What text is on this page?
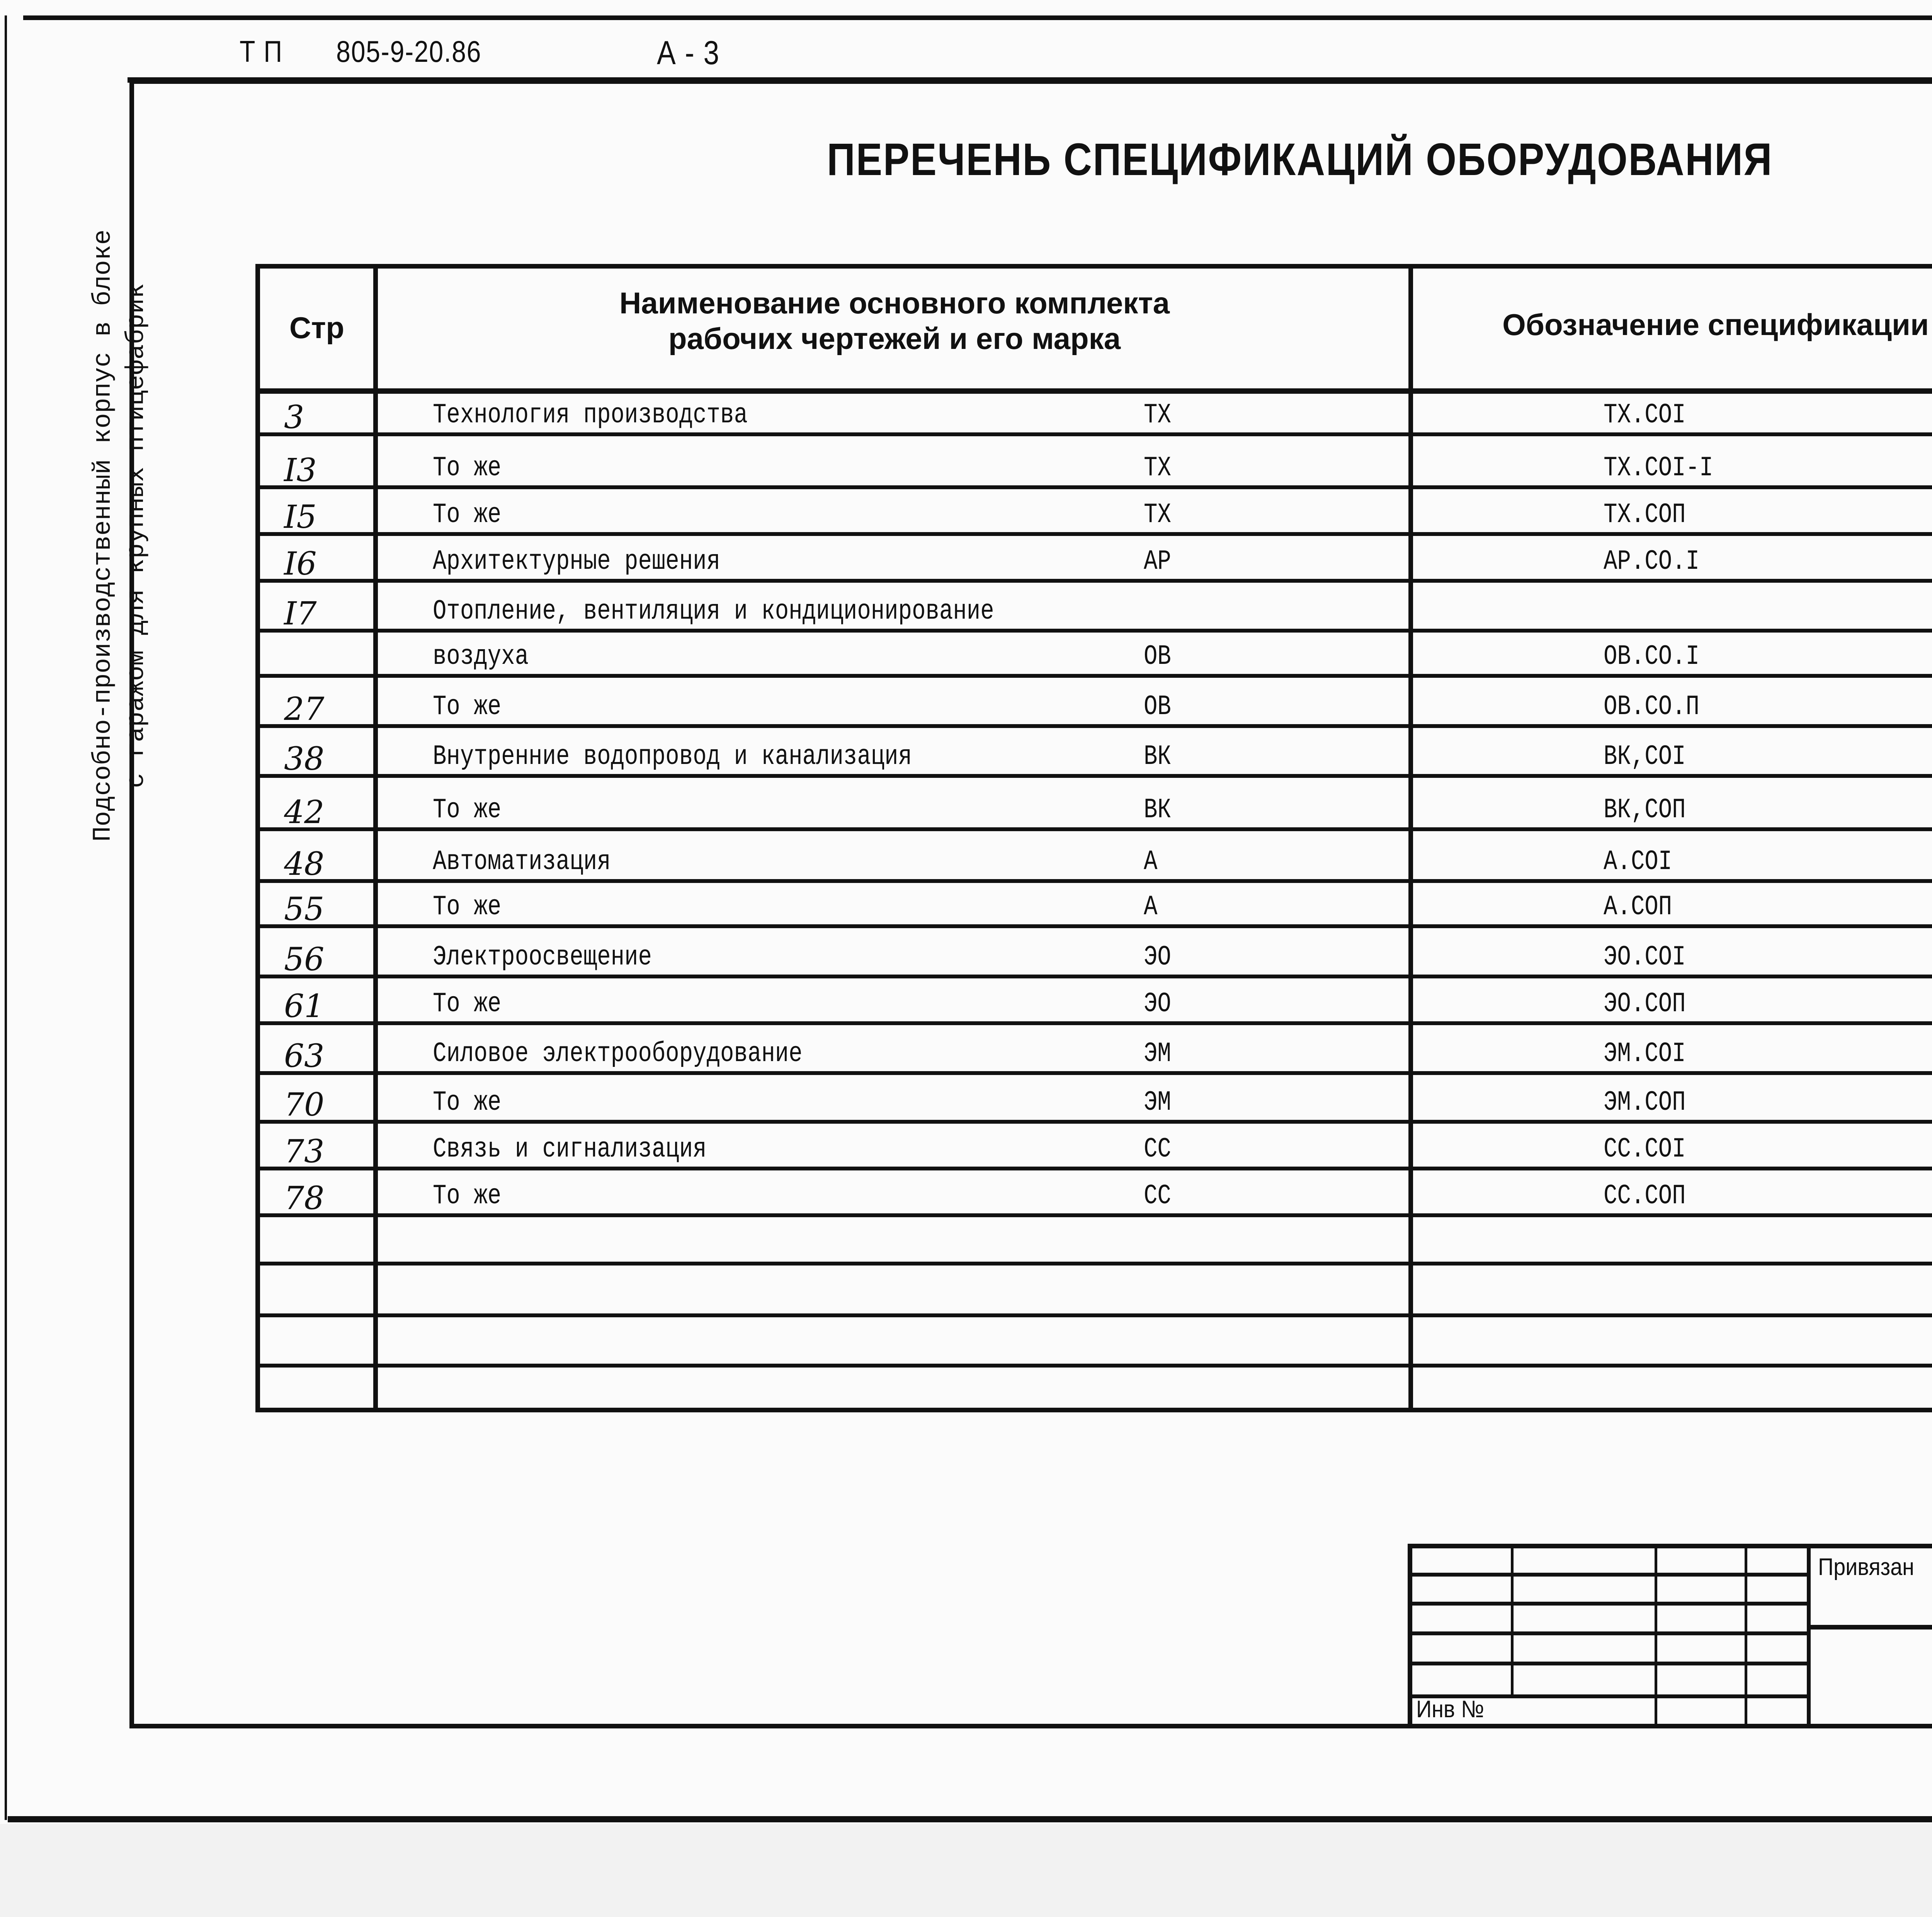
Т П 805-9-20.86	А - 3
Подсобно-производственный корпус в блоке с гаражом для крупных птицефабрик
ПЕРЕЧЕНЬ СПЕЦИФИКАЦИЙ ОБОРУДОВАНИЯ
Стр
Наименование основного комплекта рабочих чертежей и его марка	Обозначение спецификации
3	Технология производства	ТХ	ТХ.СОI
I3	То же	ТХ	ТХ.СОI-I
I5	То же	ТХ	ТХ.СОП
I6	Архитектурные решения	АР	АР.СО.I
I7	Отопление, вентиляция и кондиционирование
воздуха	ОВ	ОВ.СО.I
27	То же	ОВ	ОВ.СО.П
38	Внутренние водопровод и канализация	ВК	ВК,СОI
42	То же	ВК	ВК,СОП
48	Автоматизация	А	А.СОI
55	То же	А	А.СОП
56	Электроосвещение	ЭО	ЭО.СОI
61	То же	ЭО	ЭО.СОП
63	Силовое электрооборудование	ЭМ	ЭМ.СОI
70	То же	ЭМ	ЭМ.СОП
73	Связь и сигнализация	СС	СС.СОI
78	То же	СС	СС.СОП
Привязан
Инв №
